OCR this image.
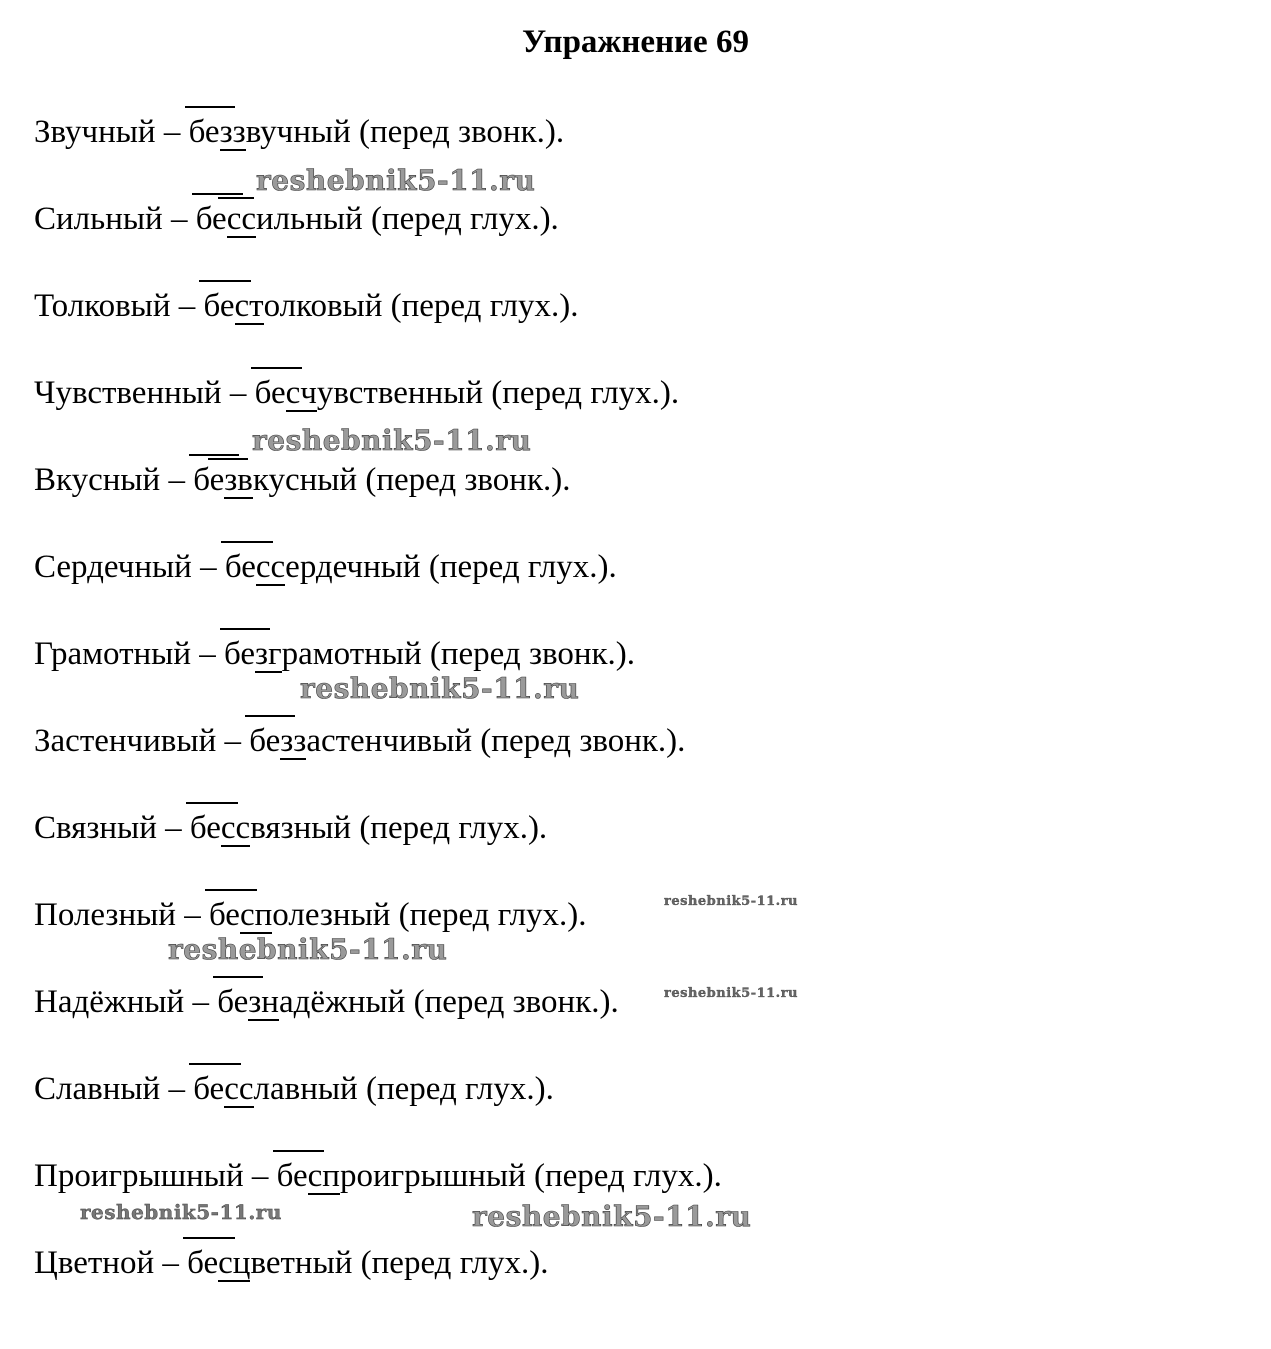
Упражнение 69
Звучный – беззвучный (перед звонк.).
Сильный – бессильный (перед глух.).
Толковый – бестолковый (перед глух.).
Чувственный – бесчувственный (перед глух.).
Вкусный – безвкусный (перед звонк.).
Сердечный – бессердечный (перед глух.).
Грамотный – безграмотный (перед звонк.).
Застенчивый – беззастенчивый (перед звонк.).
Связный – бессвязный (перед глух.).
Полезный – бесполезный (перед глух.).
Надёжный – безнадёжный (перед звонк.).
Славный – бесславный (перед глух.).
Проигрышный – беспроигрышный (перед глух.).
Цветной – бесцветный (перед глух.).
reshebnik5-11.ru
reshebnik5-11.ru
reshebnik5-11.ru
reshebnik5-11.ru
reshebnik5-11.ru
reshebnik5-11.ru
reshebnik5-11.ru	reshebnik5-11.ru
